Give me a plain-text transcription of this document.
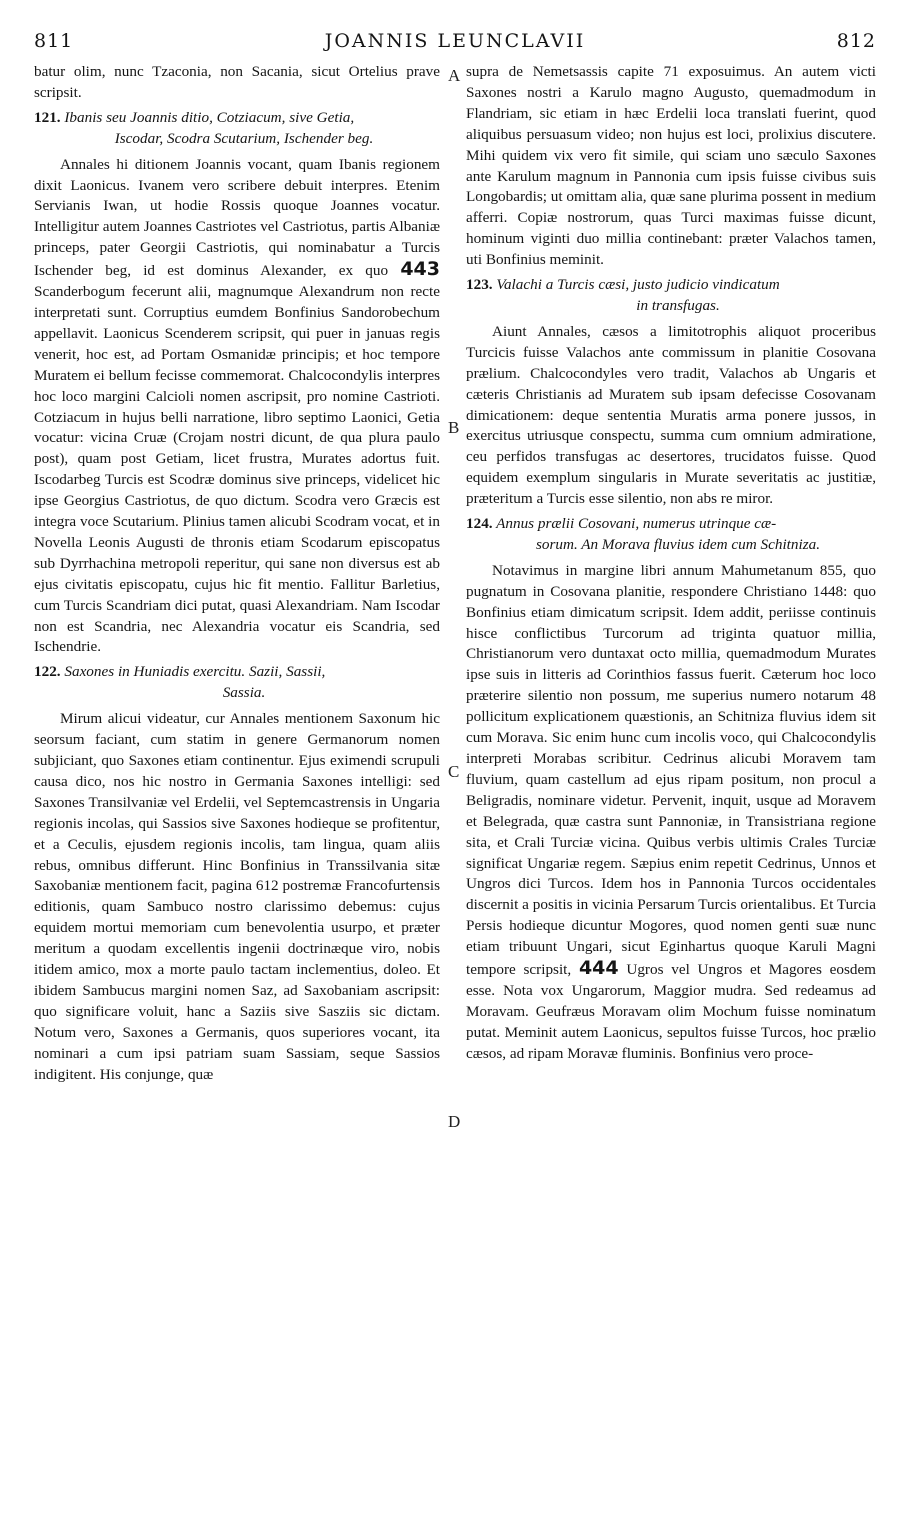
811	JOANNIS LEUNCLAVII	812
A
B
C
D

batur olim, nunc Tzaconia, non Sacania, sicut Ortelius prave scripsit.

121. Ibanis seu Joannis ditio, Cotziacum, sive Getia,
Iscodar, Scodra Scutarium, Ischender beg.

Annales hi ditionem Joannis vocant, quam Ibanis regionem dixit Laonicus. Ivanem vero scribere debuit interpres. Etenim Servianis Iwan, ut hodie Rossis quoque Joannes vocatur. Intelligitur autem Joannes Castriotes vel Castriotus, partis Albaniæ princeps, pater Georgii Castriotis, qui nominabatur a Turcis Ischender beg, id est dominus Alexander, ex quo 443 Scanderbogum fecerunt alii, magnumque Alexandrum non recte interpretati sunt. Corruptius eumdem Bonfinius Sandorobechum appellavit. Laonicus Scenderem scripsit, qui puer in januas regis venerit, hoc est, ad Portam Osmanidæ principis; et hoc tempore Muratem ei bellum fecisse commemorat. Chalcocondylis interpres hoc loco margini Calcioli nomen ascripsit, pro nomine Castrioti. Cotziacum in hujus belli narratione, libro septimo Laonici, Getia vocatur: vicina Cruæ (Crojam nostri dicunt, de qua plura paulo post), quam post Getiam, licet frustra, Murates adortus fuit. Iscodarbeg Turcis est Scodræ dominus sive princeps, videlicet hic ipse Georgius Castriotus, de quo dictum. Scodra vero Græcis est integra voce Scutarium. Plinius tamen alicubi Scodram vocat, et in Novella Leonis Augusti de thronis etiam Scodarum episcopatus sub Dyrrhachina metropoli reperitur, qui sane non diversus est ab ejus civitatis episcopatu, cujus hic fit mentio. Fallitur Barletius, cum Turcis Scandriam dici putat, quasi Alexandriam. Nam Iscodar non est Scandria, nec Alexandria vocatur eis Scandria, sed Ischendrie.

122. Saxones in Huniadis exercitu. Sazii, Sassii,
Sassia.

Mirum alicui videatur, cur Annales mentionem Saxonum hic seorsum faciant, cum statim in genere Germanorum nomen subjiciant, quo Saxones etiam continentur. Ejus eximendi scrupuli causa dico, nos hic nostro in Germania Saxones intelligi: sed Saxones Transilvaniæ vel Erdelii, vel Septemcastrensis in Ungaria regionis incolas, qui Sassios sive Saxones hodieque se profitentur, et a Ceculis, ejusdem regionis incolis, tam lingua, quam aliis rebus, omnibus differunt. Hinc Bonfinius in Transsilvania sitæ Saxobaniæ mentionem facit, pagina 612 postremæ Francofurtensis editionis, quam Sambuco nostro clarissimo debemus: cujus equidem mortui memoriam cum benevolentia usurpo, et præter meritum a quodam excellentis ingenii doctrinæque viro, nobis itidem amico, mox a morte paulo tactam inclementius, doleo. Et ibidem Sambucus margini nomen Saz, ad Saxobaniam ascripsit: quo significare voluit, hanc a Saziis sive Sasziis sic dictam. Notum vero, Saxones a Germanis, quos superiores vocant, ita nominari a cum ipsi patriam suam Sassiam, seque Sassios indigitent. His conjunge, quæ

supra de Nemetsassis capite 71 exposuimus. An autem victi Saxones nostri a Karulo magno Augusto, quemadmodum in Flandriam, sic etiam in hæc Erdelii loca translati fuerint, quod aliquibus persuasum video; non hujus est loci, prolixius discutere. Mihi quidem vix vero fit simile, qui sciam uno sæculo Saxones ante Karulum magnum in Pannonia cum ipsis fuisse civibus suis Longobardis; ut omittam alia, quæ sane plurima possent in medium afferri. Copiæ nostrorum, quas Turci maximas fuisse dicunt, hominum viginti duo millia continebant: præter Valachos tamen, uti Bonfinius meminit.

123. Valachi a Turcis cæsi, justo judicio vindicatum
in transfugas.

Aiunt Annales, cæsos a limitotrophis aliquot proceribus Turcicis fuisse Valachos ante commissum in planitie Cosovana prælium. Chalcocondyles vero tradit, Valachos ab Ungaris et cæteris Christianis ad Muratem sub ipsam defecisse Cosovanam dimicationem: deque sententia Muratis arma ponere jussos, in exercitus utriusque conspectu, summa cum omnium admiratione, ceu perfidos transfugas ac desertores, trucidatos fuisse. Quod equidem exemplum singularis in Murate severitatis ac justitiæ, præteritum a Turcis esse silentio, non abs re miror.

124. Annus prælii Cosovani, numerus utrinque cæ-
sorum. An Morava fluvius idem cum Schitniza.

Notavimus in margine libri annum Mahumetanum 855, quo pugnatum in Cosovana planitie, respondere Christiano 1448: quo Bonfinius etiam dimicatum scripsit. Idem addit, periisse continuis hisce conflictibus Turcorum ad triginta quatuor millia, Christianorum vero duntaxat octo millia, quemadmodum Murates ipse suis in litteris ad Corinthios fassus fuerit. Cæterum hoc loco præterire silentio non possum, me superius numero notarum 48 pollicitum explicationem quæstionis, an Schitniza fluvius idem sit cum Morava. Sic enim hunc cum incolis voco, qui Chalcocondylis interpreti Morabas scribitur. Cedrinus alicubi Moravem tam fluvium, quam castellum ad ejus ripam positum, non procul a Beligradis, nominare videtur. Pervenit, inquit, usque ad Moravem et Belegrada, quæ castra sunt Pannoniæ, in Transistriana regione sita, et Crali Turciæ vicina. Quibus verbis ultimis Crales Turciæ significat Ungariæ regem. Sæpius enim repetit Cedrinus, Unnos et Ungros dici Turcos. Idem hos in Pannonia Turcos occidentales discernit a positis in vicinia Persarum Turcis orientalibus. Et Turcia Persis hodieque dicuntur Mogores, quod nomen genti suæ nunc etiam tribuunt Ungari, sicut Eginhartus quoque Karuli Magni tempore scripsit, 444 Ugros vel Ungros et Magores eosdem esse. Nota vox Ungarorum, Maggior mudra. Sed redeamus ad Moravam. Geufræus Moravam olim Mochum fuisse nominatum putat. Meminit autem Laonicus, sepultos fuisse Turcos, hoc prælio cæsos, ad ripam Moravæ fluminis. Bonfinius vero proce-
